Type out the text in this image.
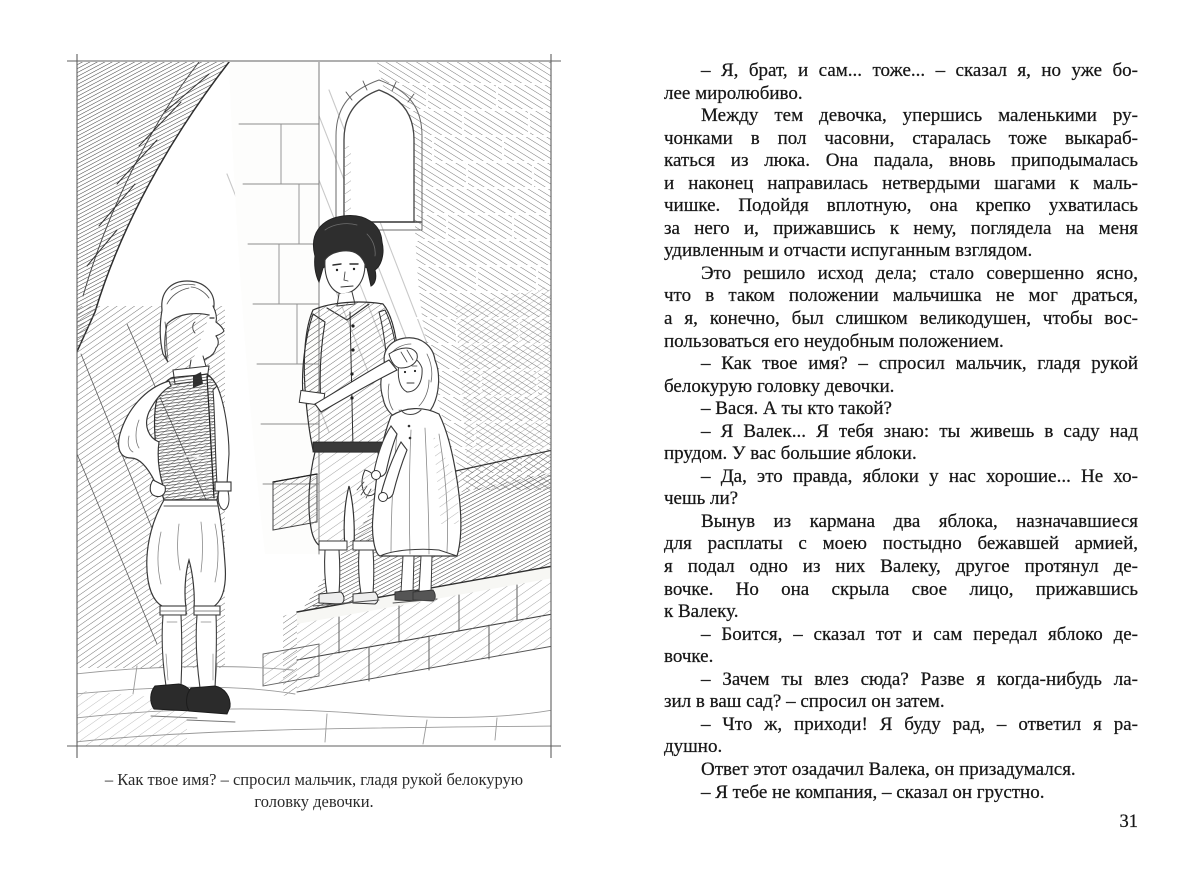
– Как твое имя? – спросил мальчик, гладя рукой белокурую
головку девочки.
– Я, брат, и сам... тоже... – сказал я, но уже бо-
лее миролюбиво.
Между тем девочка, упершись маленькими ру-
чонками в пол часовни, старалась тоже выкараб-
каться из люка. Она падала, вновь приподымалась
и наконец направилась нетвердыми шагами к маль-
чишке. Подойдя вплотную, она крепко ухватилась
за него и, прижавшись к нему, поглядела на меня
удивленным и отчасти испуганным взглядом.
Это решило исход дела; стало совершенно ясно,
что в таком положении мальчишка не мог драться,
а я, конечно, был слишком великодушен, чтобы вос-
пользоваться его неудобным положением.
– Как твое имя? – спросил мальчик, гладя рукой
белокурую головку девочки.
– Вася. А ты кто такой?
– Я Валек... Я тебя знаю: ты живешь в саду над
прудом. У вас большие яблоки.
– Да, это правда, яблоки у нас хорошие... Не хо-
чешь ли?
Вынув из кармана два яблока, назначавшиеся
для расплаты с моею постыдно бежавшей армией,
я подал одно из них Валеку, другое протянул де-
вочке. Но она скрыла свое лицо, прижавшись
к Валеку.
– Боится, – сказал тот и сам передал яблоко де-
вочке.
– Зачем ты влез сюда? Разве я когда-нибудь ла-
зил в ваш сад? – спросил он затем.
– Что ж, приходи! Я буду рад, – ответил я ра-
душно.
Ответ этот озадачил Валека, он призадумался.
– Я тебе не компания, – сказал он грустно.
31
